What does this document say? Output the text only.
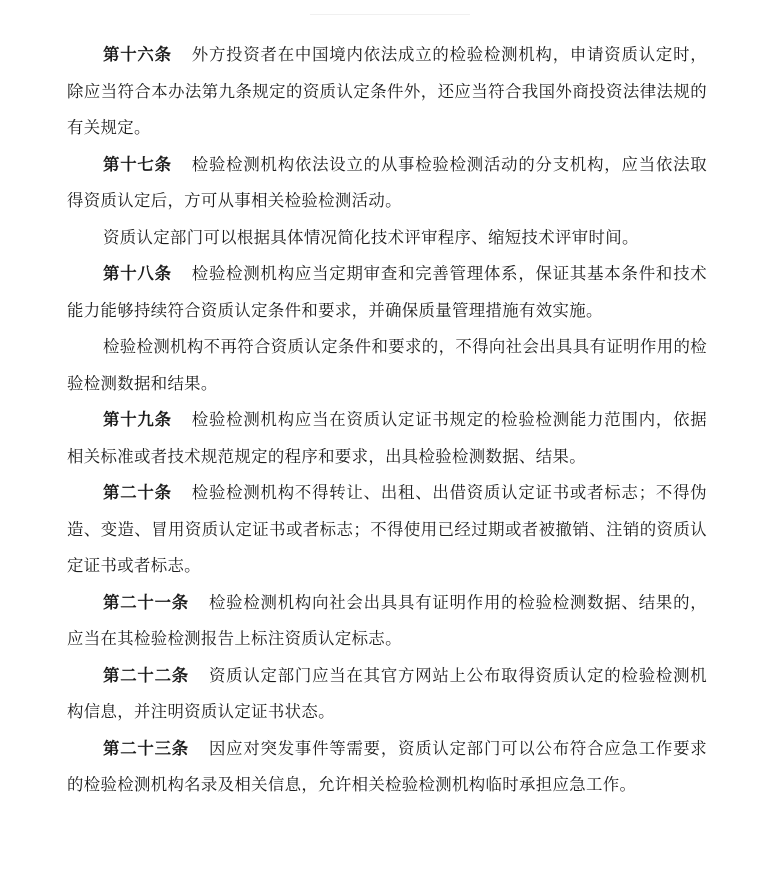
第十六条 外方投资者在中国境内依法成立的检验检测机构，申请资质认定时，除应当符合本办法第九条规定的资质认定条件外，还应当符合我国外商投资法律法规的有关规定。

第十七条 检验检测机构依法设立的从事检验检测活动的分支机构，应当依法取得资质认定后，方可从事相关检验检测活动。

资质认定部门可以根据具体情况简化技术评审程序、缩短技术评审时间。

第十八条 检验检测机构应当定期审查和完善管理体系，保证其基本条件和技术能力能够持续符合资质认定条件和要求，并确保质量管理措施有效实施。

检验检测机构不再符合资质认定条件和要求的，不得向社会出具具有证明作用的检验检测数据和结果。

第十九条 检验检测机构应当在资质认定证书规定的检验检测能力范围内，依据相关标准或者技术规范规定的程序和要求，出具检验检测数据、结果。

第二十条 检验检测机构不得转让、出租、出借资质认定证书或者标志；不得伪造、变造、冒用资质认定证书或者标志；不得使用已经过期或者被撤销、注销的资质认定证书或者标志。

第二十一条 检验检测机构向社会出具具有证明作用的检验检测数据、结果的，应当在其检验检测报告上标注资质认定标志。

第二十二条 资质认定部门应当在其官方网站上公布取得资质认定的检验检测机构信息，并注明资质认定证书状态。

第二十三条 因应对突发事件等需要，资质认定部门可以公布符合应急工作要求的检验检测机构名录及相关信息，允许相关检验检测机构临时承担应急工作。
